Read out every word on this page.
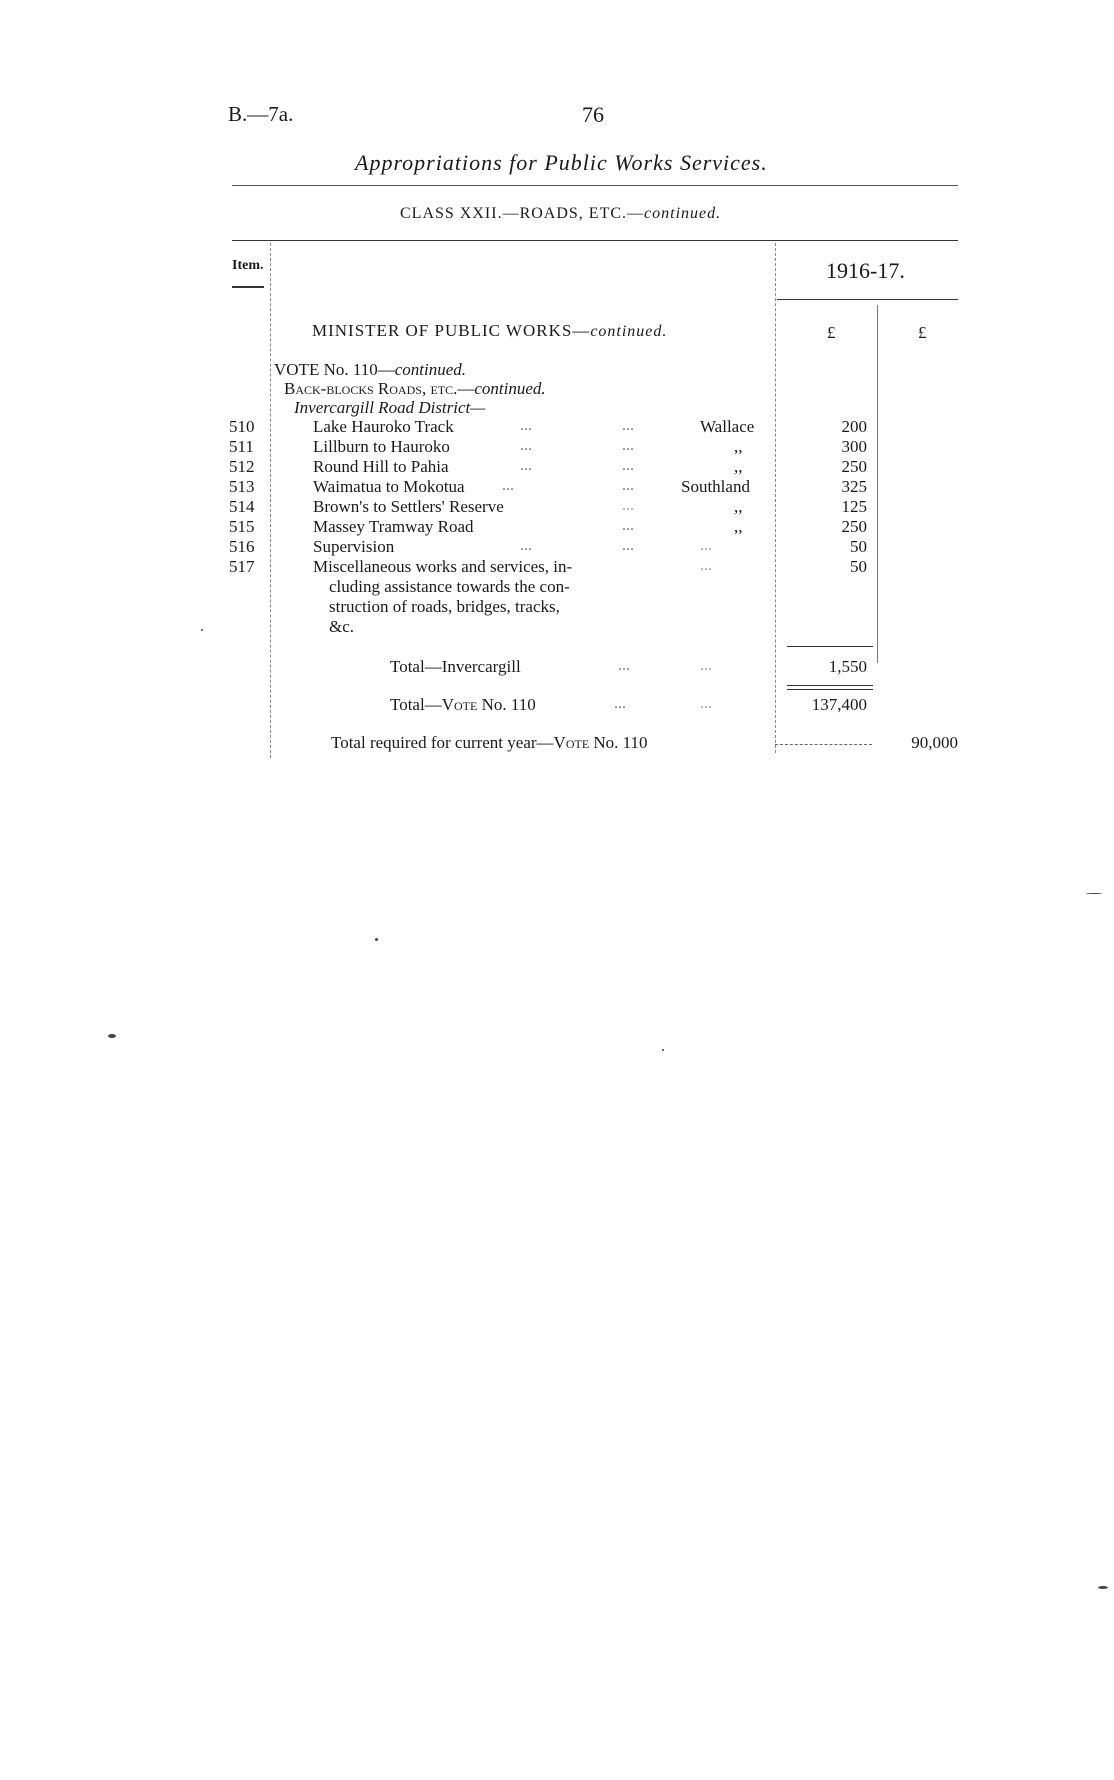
B.—7a.	76
Appropriations for Public Works Services.
CLASS XXII.—ROADS, ETC.—continued.
Item.	1916-17.
£	£
MINISTER OF PUBLIC WORKS—continued.
VOTE No. 110—continued.
Back-blocks Roads, etc.—continued.
Invercargill Road District—
510	Lake Hauroko Track	...	...	Wallace	200
511	Lillburn to Hauroko	...	...	,,	300
512	Round Hill to Pahia	...	...	,,	250
513	Waimatua to Mokotua ...	...	Southland	325
514	Brown's to Settlers' Reserve	...	,,	125
515	Massey Tramway Road	...	,,	250
516	Supervision	...	...	...	50
517	Miscellaneous works and services, in-	...	50
cluding assistance towards the con-
struction of roads, bridges, tracks,
&c.
Total—Invercargill	...	...	1,550
Total—Vote No. 110	...	...	137,400
Total required for current year—Vote No. 110	90,000
